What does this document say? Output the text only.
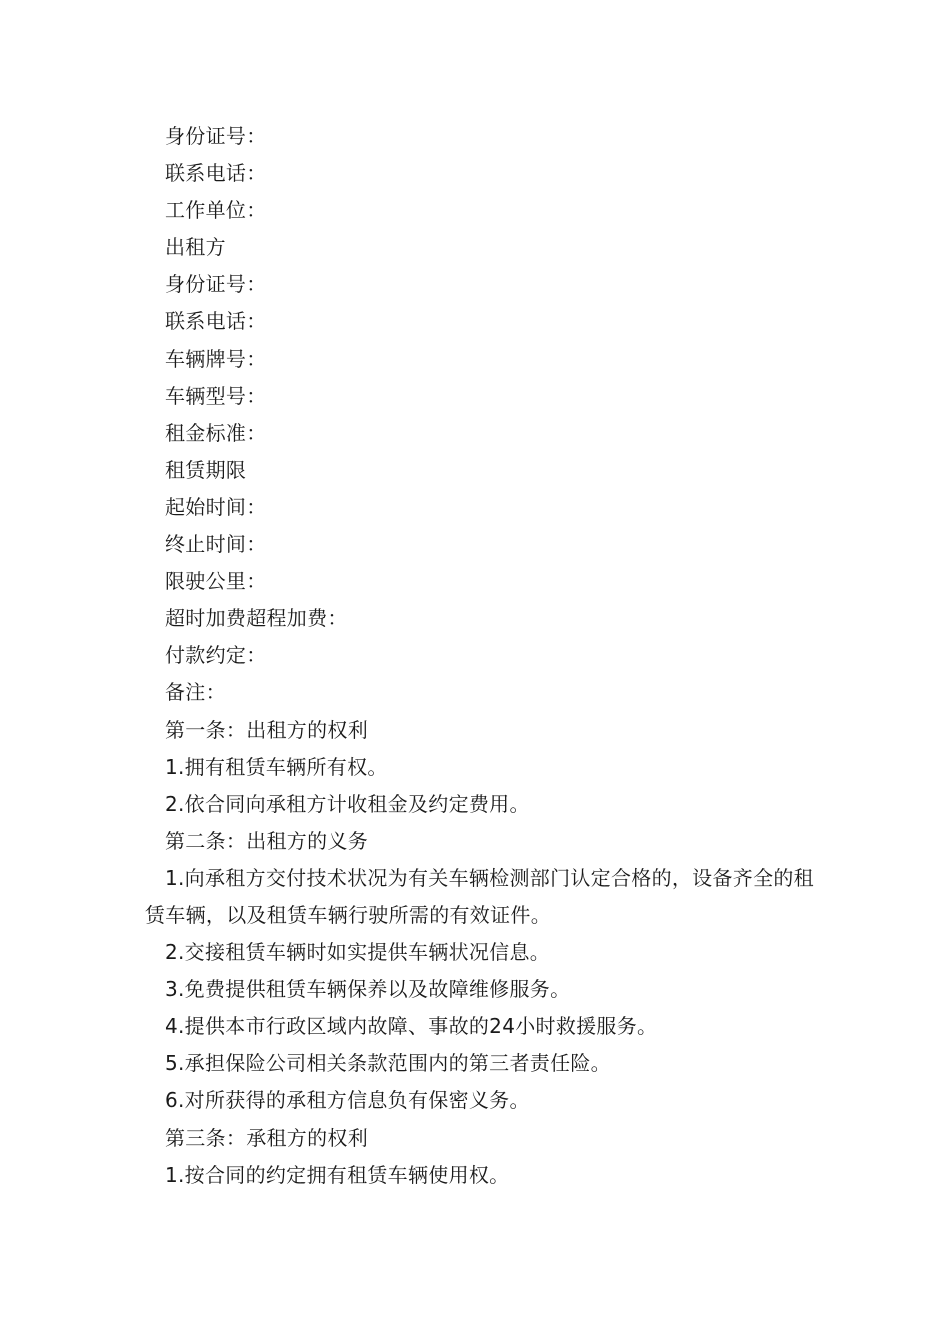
身份证号：
联系电话：
工作单位：
出租方
身份证号：
联系电话：
车辆牌号：
车辆型号：
租金标准：
租赁期限
起始时间：
终止时间：
限驶公里：
超时加费超程加费：
付款约定：
备注：
第一条：出租方的权利
1.拥有租赁车辆所有权。
2.依合同向承租方计收租金及约定费用。
第二条：出租方的义务
1.向承租方交付技术状况为有关车辆检测部门认定合格的，设备齐全的租赁车辆，以及租赁车辆行驶所需的有效证件。
2.交接租赁车辆时如实提供车辆状况信息。
3.免费提供租赁车辆保养以及故障维修服务。
4.提供本市行政区域内故障、事故的24小时救援服务。
5.承担保险公司相关条款范围内的第三者责任险。
6.对所获得的承租方信息负有保密义务。
第三条：承租方的权利
1.按合同的约定拥有租赁车辆使用权。
